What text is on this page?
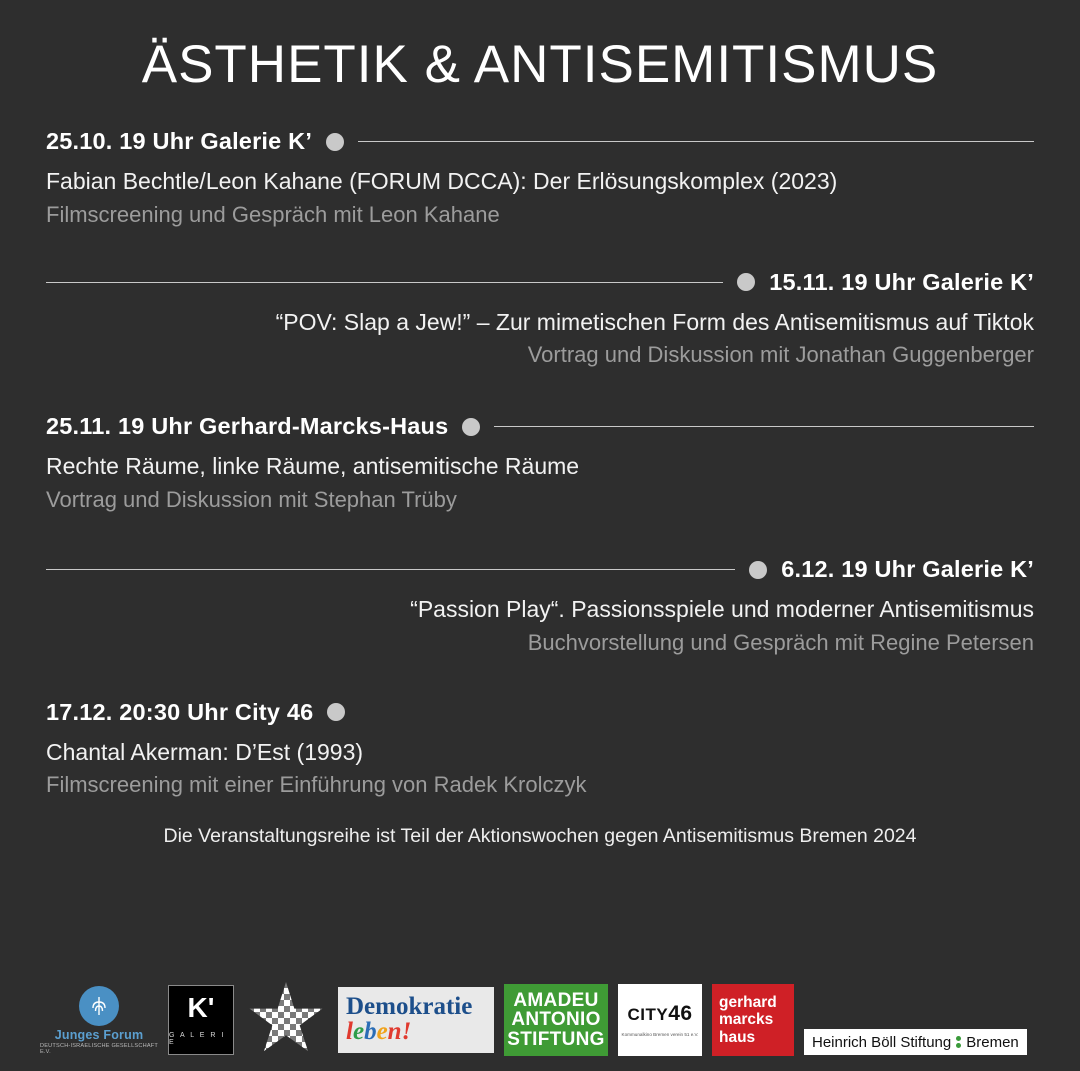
ÄSTHETIK & ANTISEMITISMUS
25.10. 19 Uhr Galerie K’
Fabian Bechtle/Leon Kahane (FORUM DCCA): Der Erlösungskomplex (2023)
Filmscreening und Gespräch mit Leon Kahane
15.11. 19 Uhr Galerie K’
“POV: Slap a Jew!” – Zur mimetischen Form des Antisemitismus auf Tiktok
Vortrag und Diskussion mit Jonathan Guggenberger
25.11. 19 Uhr Gerhard-Marcks-Haus
Rechte Räume, linke Räume, antisemitische Räume
Vortrag und Diskussion mit Stephan Trüby
6.12. 19 Uhr Galerie K’
“Passion Play“. Passionsspiele und moderner Antisemitismus
Buchvorstellung und Gespräch mit Regine Petersen
17.12. 20:30 Uhr City 46
Chantal Akerman: D’Est (1993)
Filmscreening mit einer Einführung von Radek Krolczyk
Die Veranstaltungsreihe ist Teil der Aktionswochen gegen Antisemitismus Bremen 2024
Junges Forum
DEUTSCH-ISRAELISCHE GESELLSCHAFT E.V.
K'
G A L E R I E
Demokratie
leben!
AMADEU
ANTONIO
STIFTUNG
CITY46
Kommunalkino Bremen verein 51 e.V.
gerhard
marcks
haus	Heinrich Böll Stiftung Bremen
